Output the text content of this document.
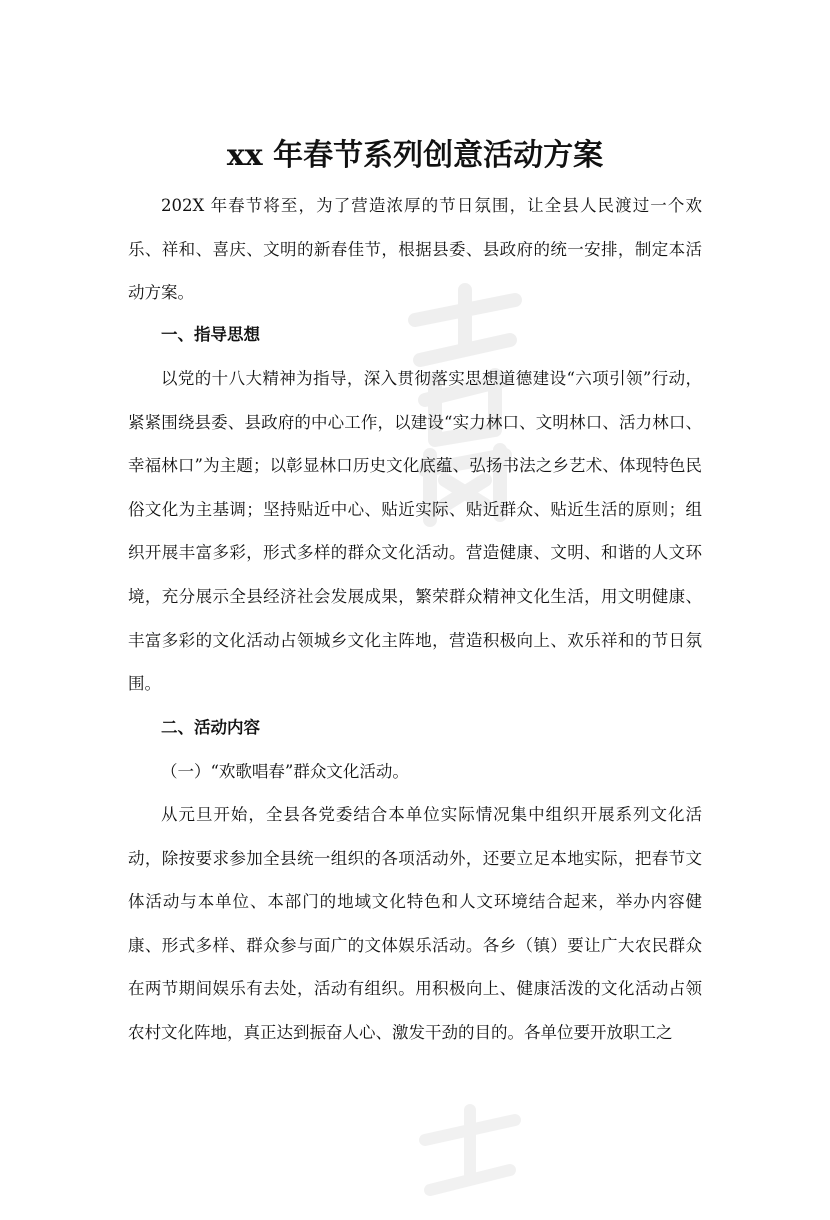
xx 年春节系列创意活动方案

202X 年春节将至，为了营造浓厚的节日氛围，让全县人民渡过一个欢乐、祥和、喜庆、文明的新春佳节，根据县委、县政府的统一安排，制定本活动方案。

一、指导思想

以党的十八大精神为指导，深入贯彻落实思想道德建设“六项引领”行动，紧紧围绕县委、县政府的中心工作，以建设“实力林口、文明林口、活力林口、幸福林口”为主题；以彰显林口历史文化底蕴、弘扬书法之乡艺术、体现特色民俗文化为主基调；坚持贴近中心、贴近实际、贴近群众、贴近生活的原则；组织开展丰富多彩，形式多样的群众文化活动。营造健康、文明、和谐的人文环境，充分展示全县经济社会发展成果，繁荣群众精神文化生活，用文明健康、丰富多彩的文化活动占领城乡文化主阵地，营造积极向上、欢乐祥和的节日氛围。

二、活动内容

（一）“欢歌唱春”群众文化活动。

从元旦开始，全县各党委结合本单位实际情况集中组织开展系列文化活动，除按要求参加全县统一组织的各项活动外，还要立足本地实际，把春节文体活动与本单位、本部门的地域文化特色和人文环境结合起来，举办内容健康、形式多样、群众参与面广的文体娱乐活动。各乡（镇）要让广大农民群众在两节期间娱乐有去处，活动有组织。用积极向上、健康活泼的文化活动占领农村文化阵地，真正达到振奋人心、激发干劲的目的。各单位要开放职工之
